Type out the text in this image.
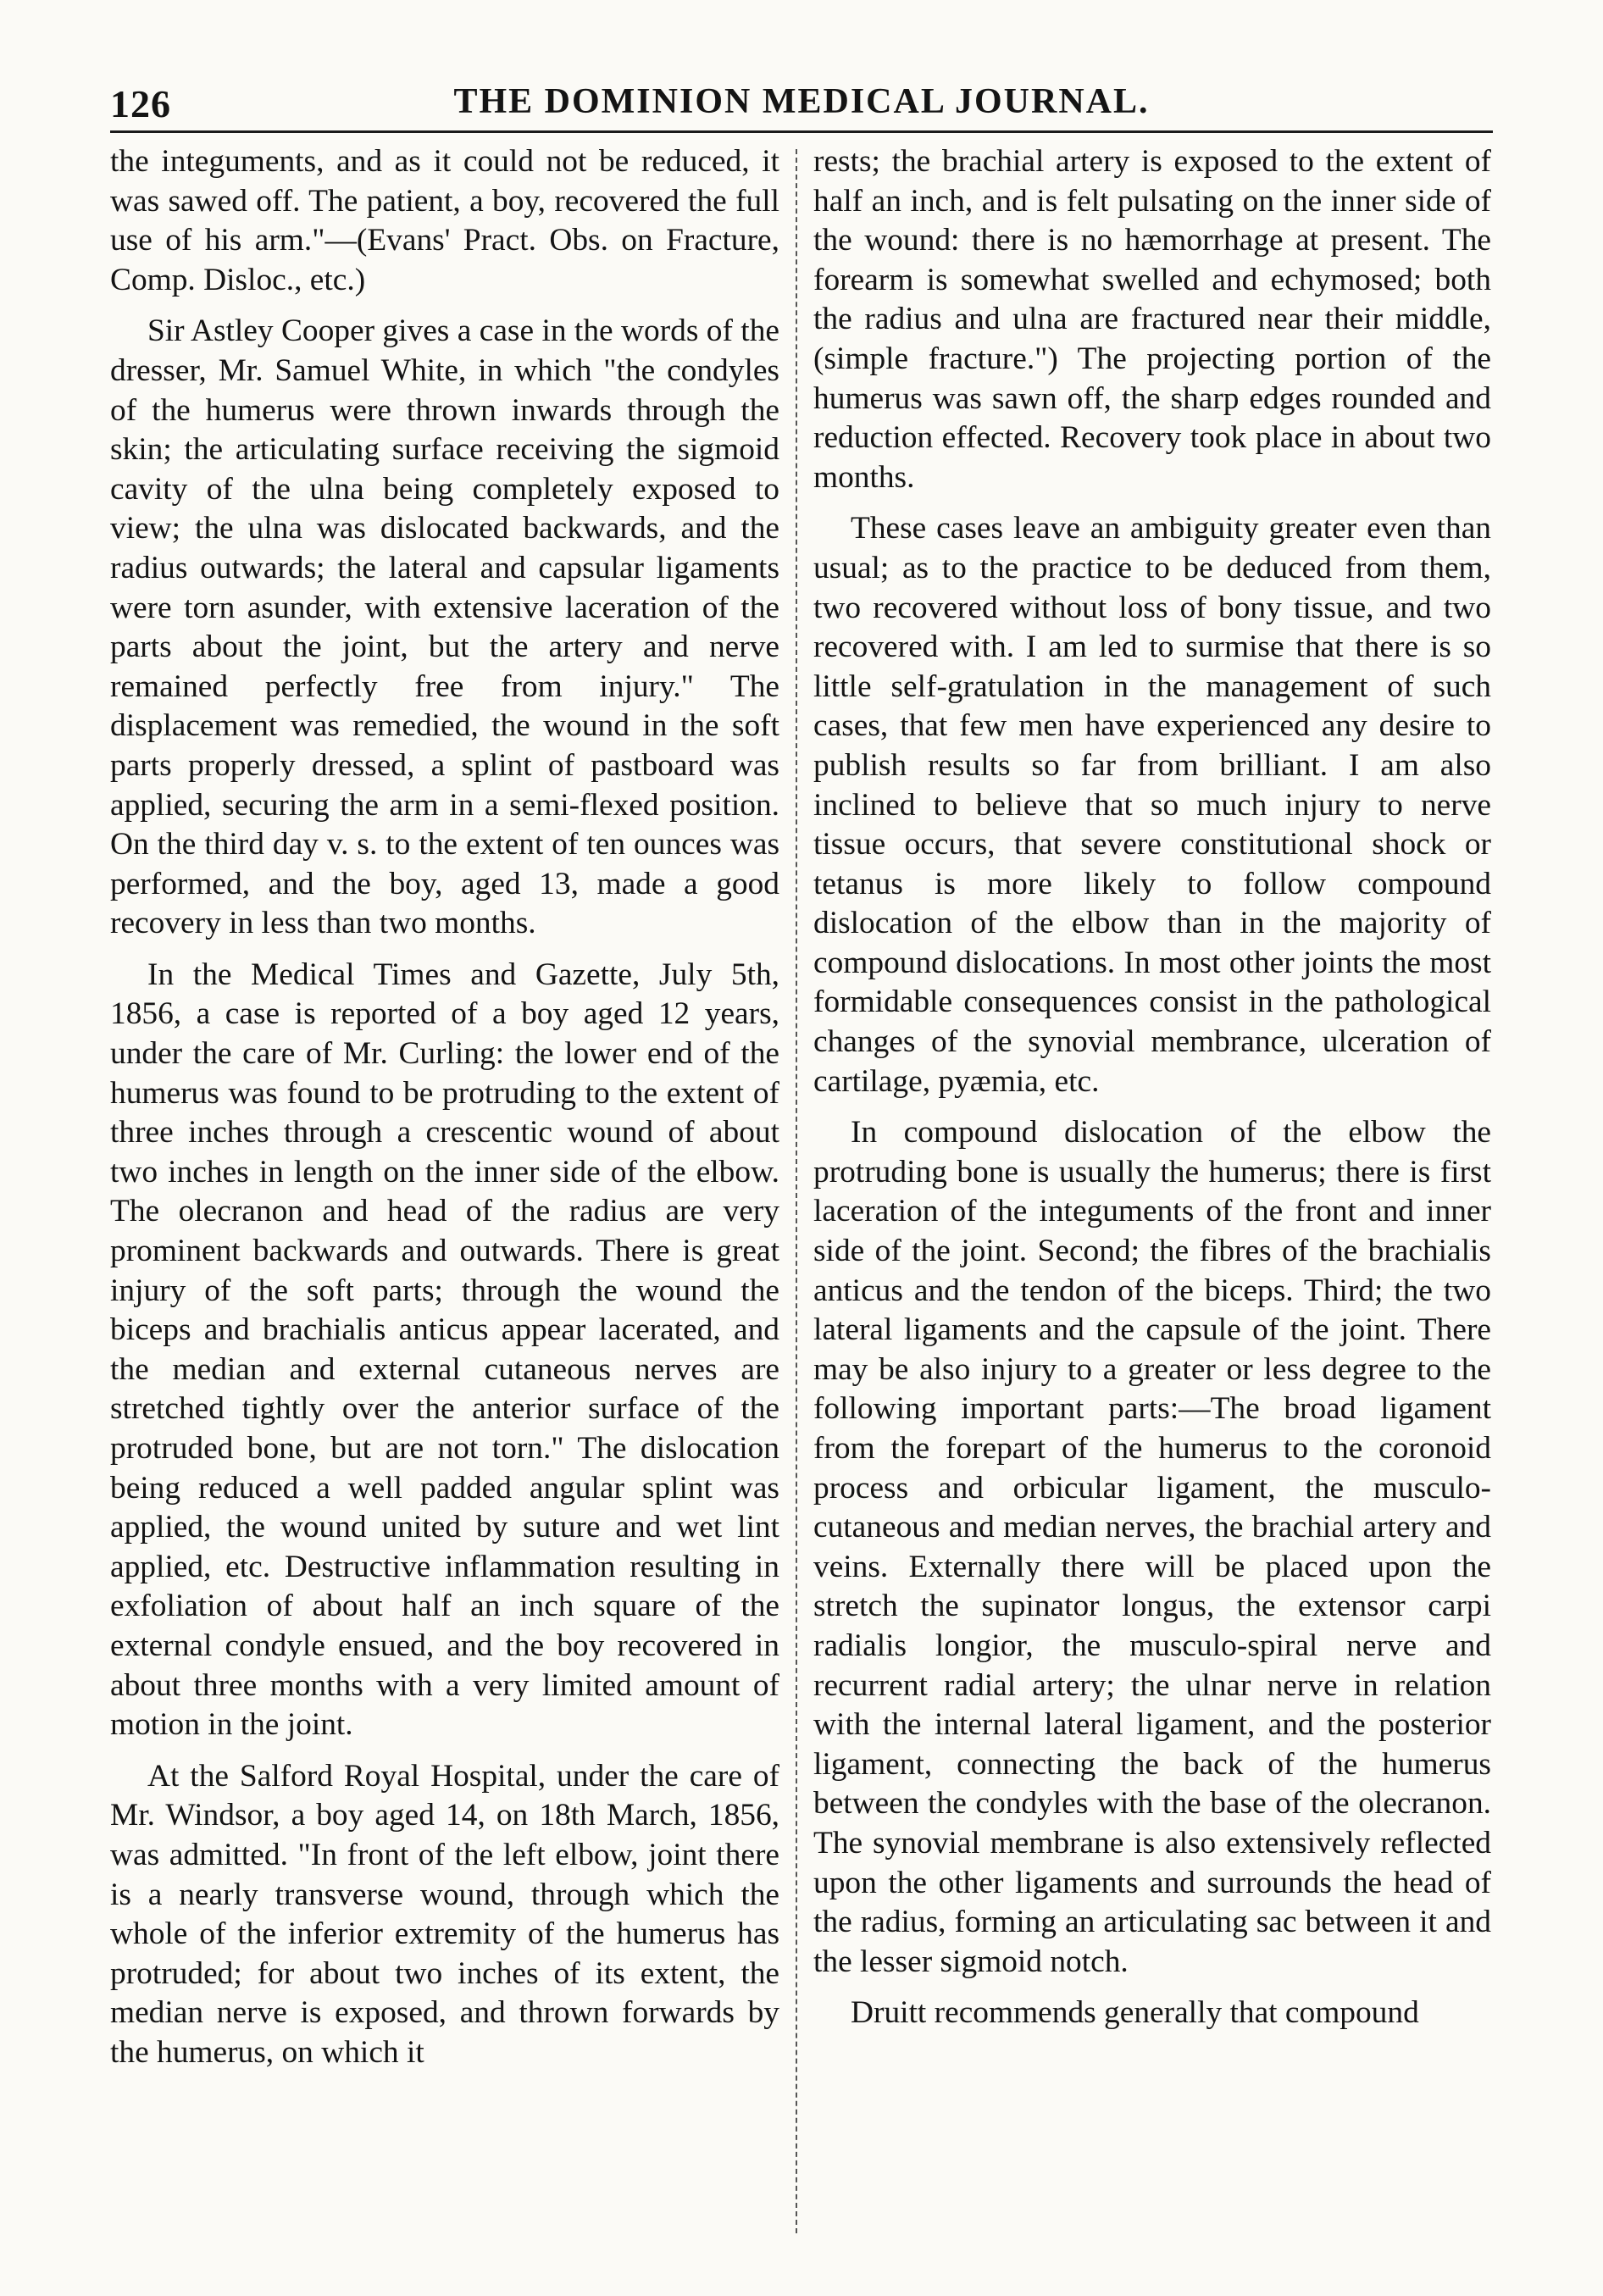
126	THE DOMINION MEDICAL JOURNAL.

the integuments, and as it could not be reduced, it was sawed off. The patient, a boy, recovered the full use of his arm."—(Evans' Pract. Obs. on Fracture, Comp. Disloc., etc.)

Sir Astley Cooper gives a case in the words of the dresser, Mr. Samuel White, in which "the condyles of the humerus were thrown inwards through the skin; the articulating surface receiving the sigmoid cavity of the ulna being completely exposed to view; the ulna was dislocated backwards, and the radius outwards; the lateral and capsular ligaments were torn asunder, with extensive laceration of the parts about the joint, but the artery and nerve remained perfectly free from injury." The displacement was remedied, the wound in the soft parts properly dressed, a splint of pastboard was applied, securing the arm in a semi-flexed position. On the third day v. s. to the extent of ten ounces was performed, and the boy, aged 13, made a good recovery in less than two months.

In the Medical Times and Gazette, July 5th, 1856, a case is reported of a boy aged 12 years, under the care of Mr. Curling: the lower end of the humerus was found to be protruding to the extent of three inches through a crescentic wound of about two inches in length on the inner side of the elbow. The olecranon and head of the radius are very prominent backwards and outwards. There is great injury of the soft parts; through the wound the biceps and brachialis anticus appear lacerated, and the median and external cutaneous nerves are stretched tightly over the anterior surface of the protruded bone, but are not torn." The dislocation being reduced a well padded angular splint was applied, the wound united by suture and wet lint applied, etc. Destructive inflammation resulting in exfoliation of about half an inch square of the external condyle ensued, and the boy recovered in about three months with a very limited amount of motion in the joint.

At the Salford Royal Hospital, under the care of Mr. Windsor, a boy aged 14, on 18th March, 1856, was admitted. "In front of the left elbow, joint there is a nearly transverse wound, through which the whole of the inferior extremity of the humerus has protruded; for about two inches of its extent, the median nerve is exposed, and thrown forwards by the humerus, on which it

rests; the brachial artery is exposed to the extent of half an inch, and is felt pulsating on the inner side of the wound: there is no hæmorrhage at present. The forearm is somewhat swelled and echymosed; both the radius and ulna are fractured near their middle, (simple fracture.") The projecting portion of the humerus was sawn off, the sharp edges rounded and reduction effected. Recovery took place in about two months.

These cases leave an ambiguity greater even than usual; as to the practice to be deduced from them, two recovered without loss of bony tissue, and two recovered with. I am led to surmise that there is so little self-gratulation in the management of such cases, that few men have experienced any desire to publish results so far from brilliant. I am also inclined to believe that so much injury to nerve tissue occurs, that severe constitutional shock or tetanus is more likely to follow compound dislocation of the elbow than in the majority of compound dislocations. In most other joints the most formidable consequences consist in the pathological changes of the synovial membrance, ulceration of cartilage, pyæmia, etc.

In compound dislocation of the elbow the protruding bone is usually the humerus; there is first laceration of the integuments of the front and inner side of the joint. Second; the fibres of the brachialis anticus and the tendon of the biceps. Third; the two lateral ligaments and the capsule of the joint. There may be also injury to a greater or less degree to the following important parts:—The broad ligament from the forepart of the humerus to the coronoid process and orbicular ligament, the musculo-cutaneous and median nerves, the brachial artery and veins. Externally there will be placed upon the stretch the supinator longus, the extensor carpi radialis longior, the musculo-spiral nerve and recurrent radial artery; the ulnar nerve in relation with the internal lateral ligament, and the posterior ligament, connecting the back of the humerus between the condyles with the base of the olecranon. The synovial membrane is also extensively reflected upon the other ligaments and surrounds the head of the radius, forming an articulating sac between it and the lesser sigmoid notch.

Druitt recommends generally that compound
